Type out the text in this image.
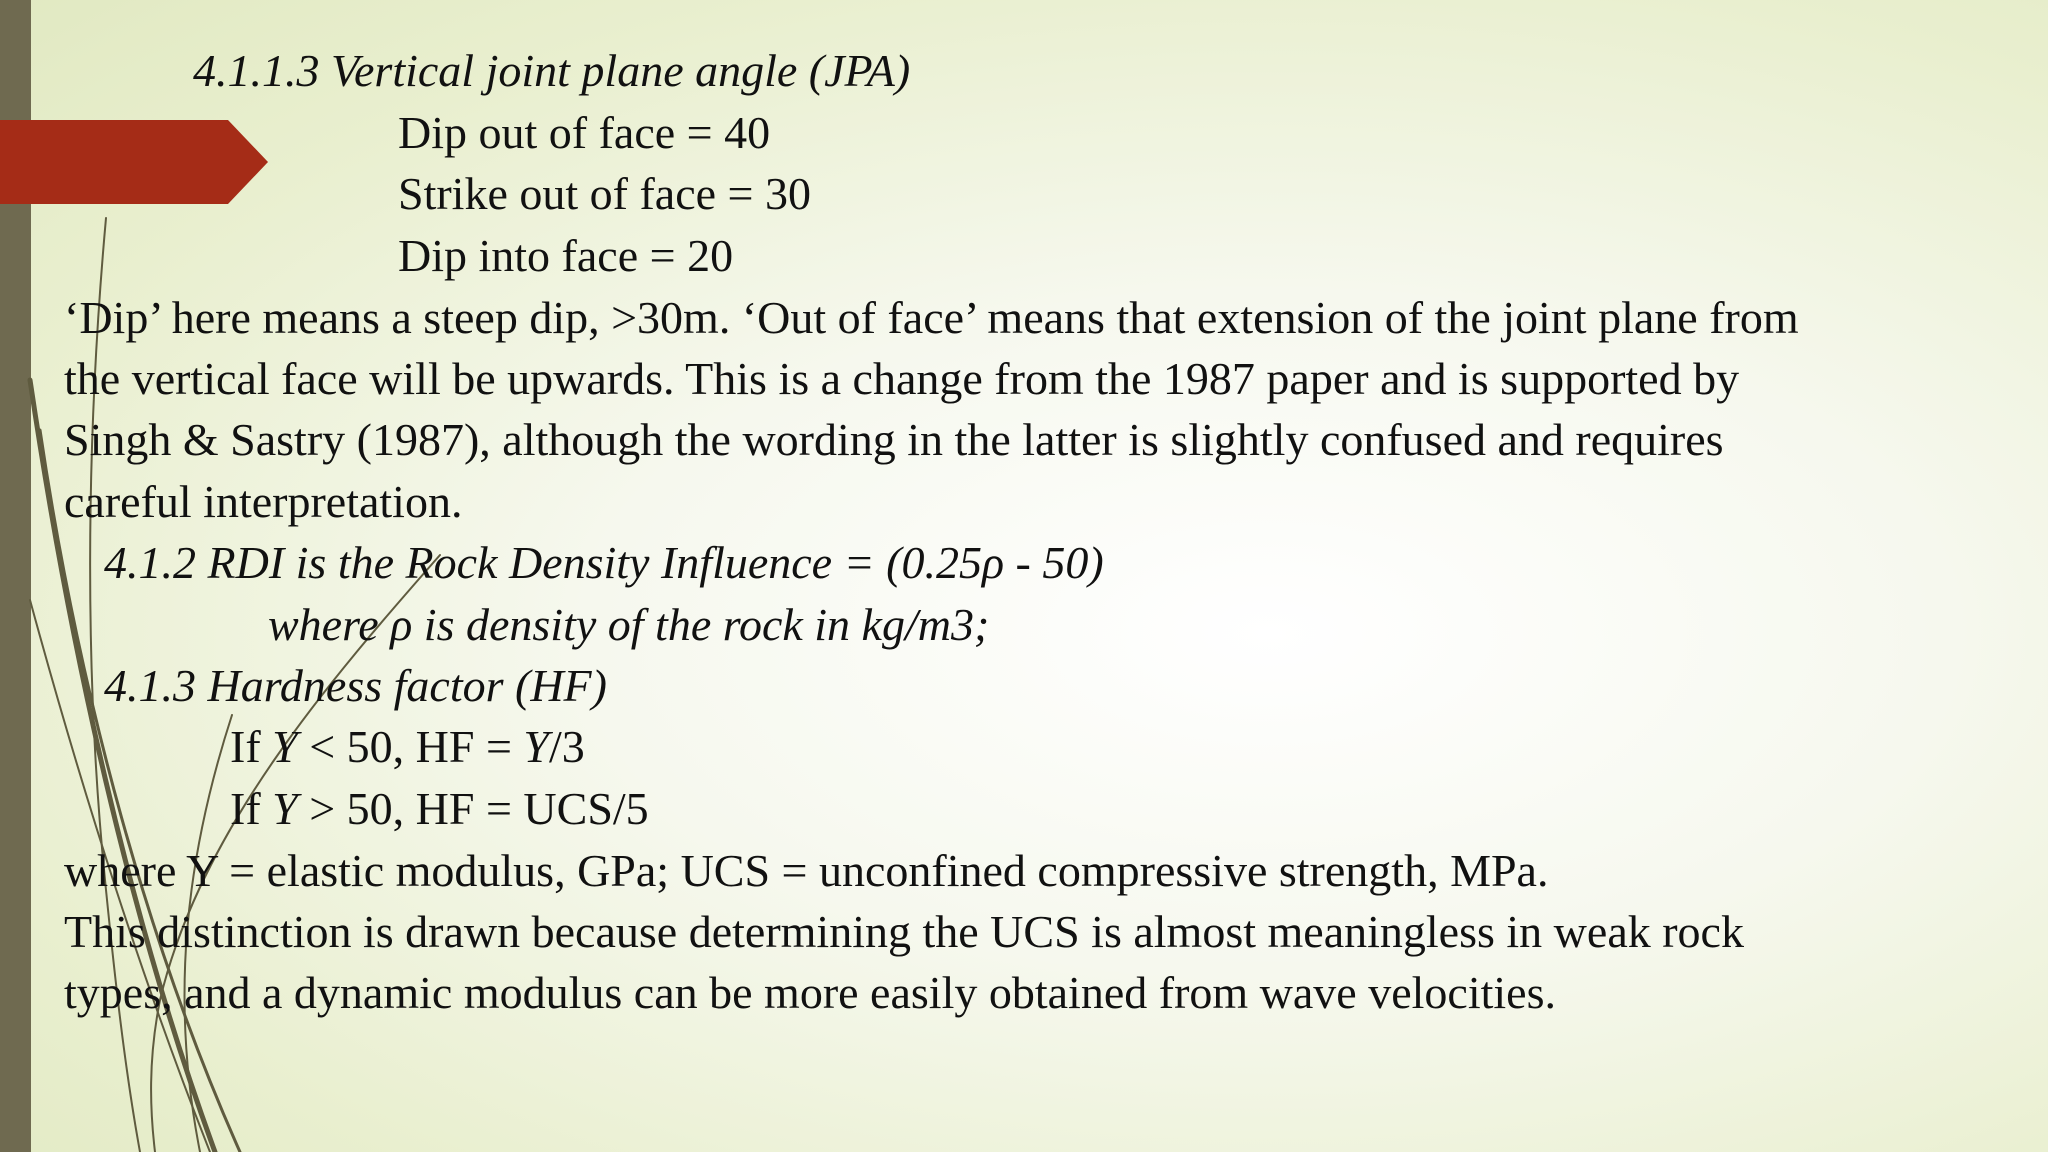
4.1.1.3 Vertical joint plane angle (JPA)
Dip out of face = 40
Strike out of face = 30
Dip into face = 20
‘Dip’ here means a steep dip, >30m. ‘Out of face’ means that extension of the joint plane from
the vertical face will be upwards. This is a change from the 1987 paper and is supported by
Singh & Sastry (1987), although the wording in the latter is slightly confused and requires
careful interpretation.
4.1.2 RDI is the Rock Density Influence = (0.25ρ - 50)
where ρ is density of the rock in kg/m3;
4.1.3 Hardness factor (HF)
If Y < 50, HF = Y/3
If Y > 50, HF = UCS/5
where Y = elastic modulus, GPa; UCS = unconfined compressive strength, MPa.
This distinction is drawn because determining the UCS is almost meaningless in weak rock
types, and a dynamic modulus can be more easily obtained from wave velocities.
